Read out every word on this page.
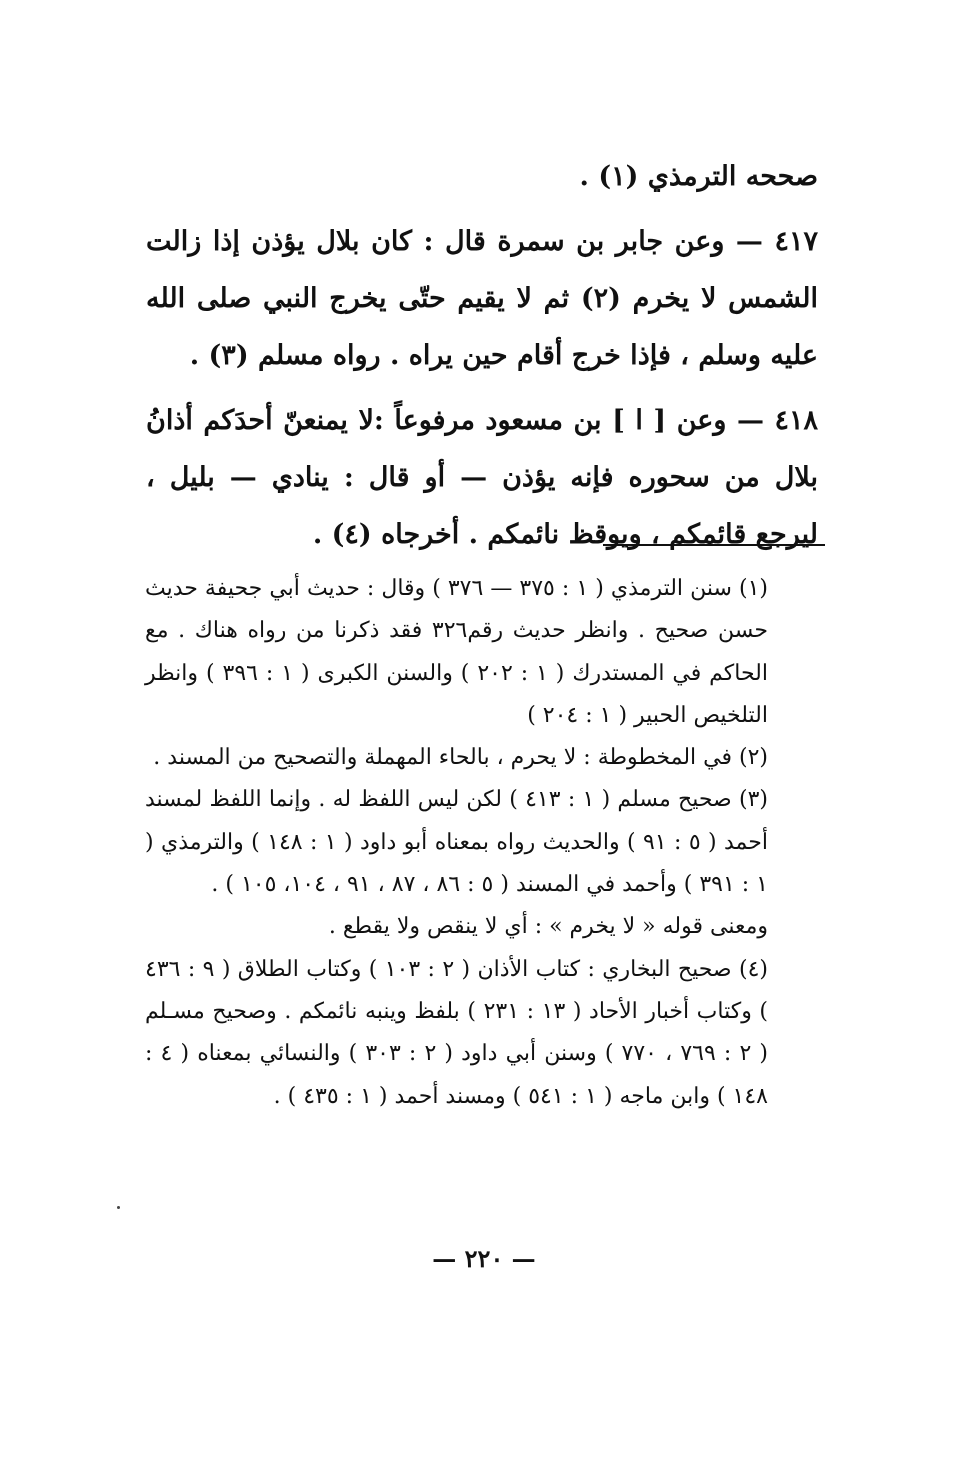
صححه الترمذي (١) .

٤١٧ — وعن جابر بن سمرة قال : كان بلال يؤذن إذا زالت الشمس لا يخرم (٢) ثم لا يقيم حتّى يخرج النبي صلى الله عليه وسلم ، فإذا خرج أقام حين يراه . رواه مسلم (٣) .

٤١٨ — وعن [ ا ] بن مسعود مرفوعاً :لا يمنعنّ أحدَكم أذانُ بلال من سحوره فإنه يؤذن — أو قال : ينادي — بليل ، ليرجع قائمكم ، ويوقظ نائمكم . أخرجاه (٤) .

(١) سنن الترمذي ( ١ : ٣٧٥ — ٣٧٦ ) وقال : حديث أبي جحيفة حديث حسن صحيح . وانظر حديث رقم٣٢٦ فقد ذكرنا من رواه هناك . مع الحاكم في المستدرك ( ١ : ٢٠٢ ) والسنن الكبرى ( ١ : ٣٩٦ ) وانظر التلخيص الحبير ( ١ : ٢٠٤ )

(٢) في المخطوطة : لا يحرم ، بالحاء المهملة والتصحيح من المسند .

(٣) صحيح مسلم ( ١ : ٤١٣ ) لكن ليس اللفظ له . وإنما اللفظ لمسند أحمد ( ٥ : ٩١ ) والحديث رواه بمعناه أبو داود ( ١ : ١٤٨ ) والترمذي ( ١ : ٣٩١ ) وأحمد في المسند ( ٥ : ٨٦ ، ٨٧ ، ٩١ ، ١٠٤، ١٠٥ ) .

ومعنى قوله « لا يخرم » : أي لا ينقص ولا يقطع .

(٤) صحيح البخاري : كتاب الأذان ( ٢ : ١٠٣ ) وكتاب الطلاق ( ٩ : ٤٣٦ ) وكتاب أخبار الأحاد ( ١٣ : ٢٣١ ) بلفظ وينبه نائمكم . وصحيح مسـلم ( ٢ : ٧٦٩ ، ٧٧٠ ) وسنن أبي داود ( ٢ : ٣٠٣ ) والنسائي بمعناه ( ٤ : ١٤٨ ) وابن ماجه ( ١ : ٥٤١ ) ومسند أحمد ( ١ : ٤٣٥ ) .

— ٢٢٠ —
